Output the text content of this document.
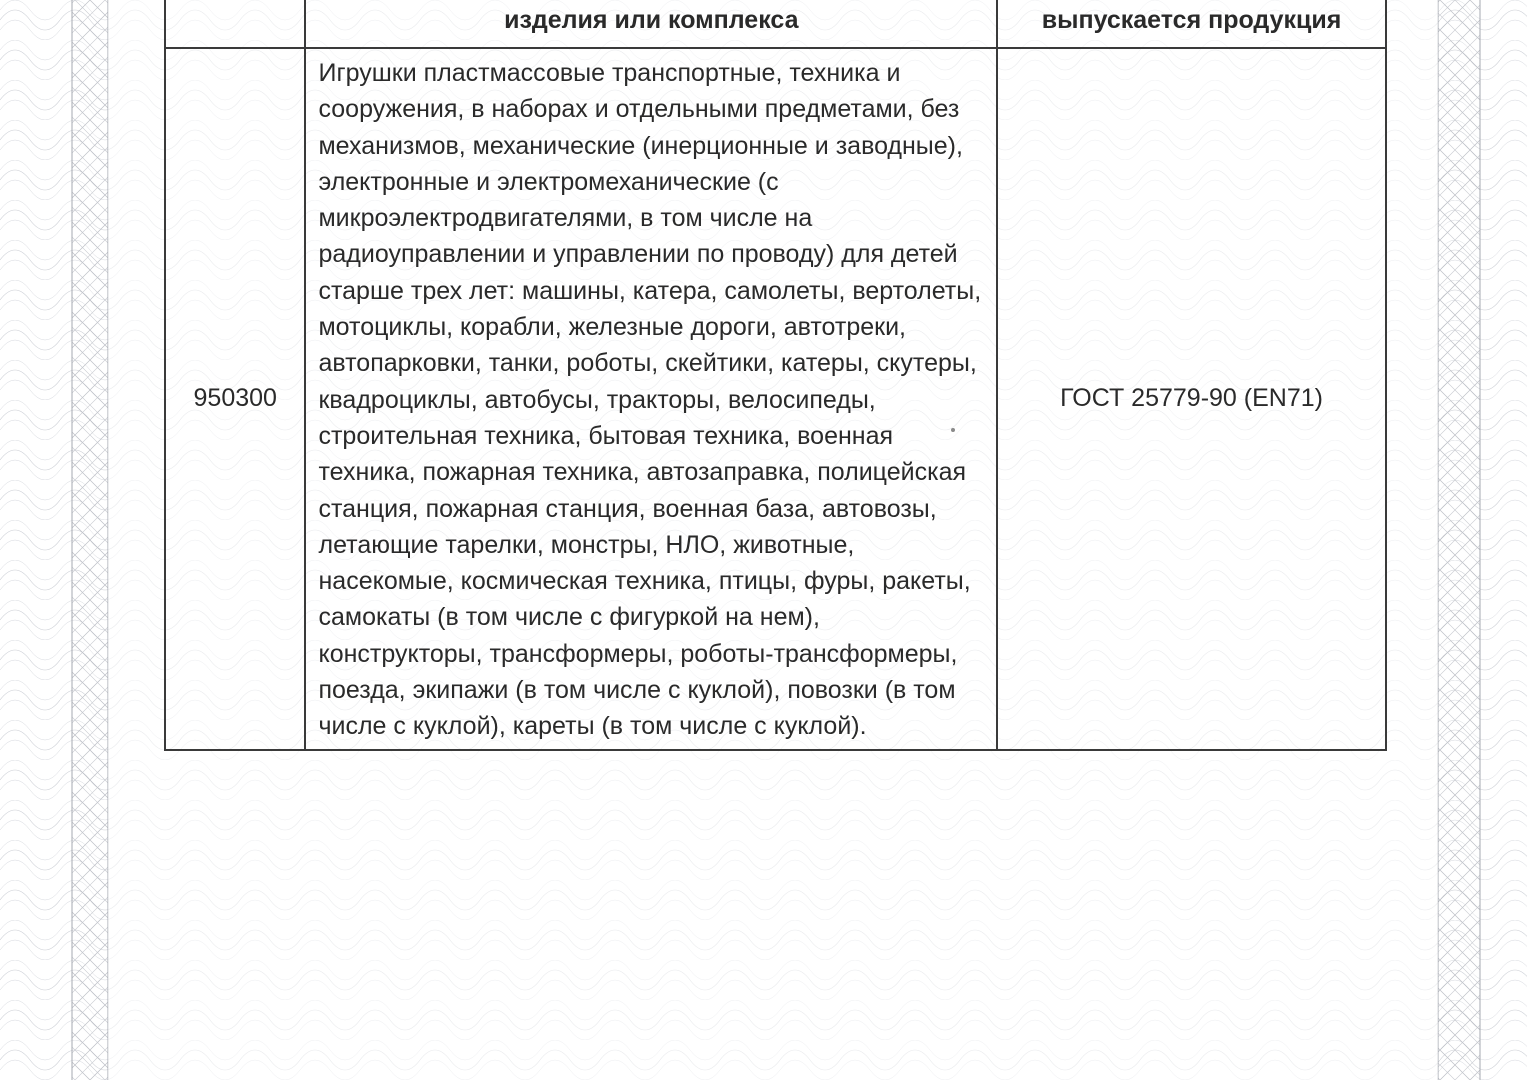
	изделия или комплекса	выпускается продукция
950300	Игрушки пластмассовые транспортные, техника и сооружения, в наборах и отдельными предметами, без механизмов, механические (инерционные и заводные), электронные и электромеханические (с микроэлектродвигателями, в том числе на радиоуправлении и управлении по проводу) для детей старше трех лет: машины, катера, самолеты, вертолеты, мотоциклы, корабли, железные дороги, автотреки, автопарковки, танки, роботы, скейтики, катеры, скутеры, квадроциклы, автобусы, тракторы, велосипеды, строительная техника, бытовая техника, военная техника, пожарная техника, автозаправка, полицейская станция, пожарная станция, военная база, автовозы, летающие тарелки, монстры, НЛО, животные, насекомые, космическая техника, птицы, фуры, ракеты, самокаты (в том числе с фигуркой на нем), конструкторы, трансформеры, роботы-трансформеры, поезда, экипажи (в том числе с куклой), повозки (в том числе с куклой), кареты (в том числе с куклой).	ГОСТ 25779-90 (EN71)
